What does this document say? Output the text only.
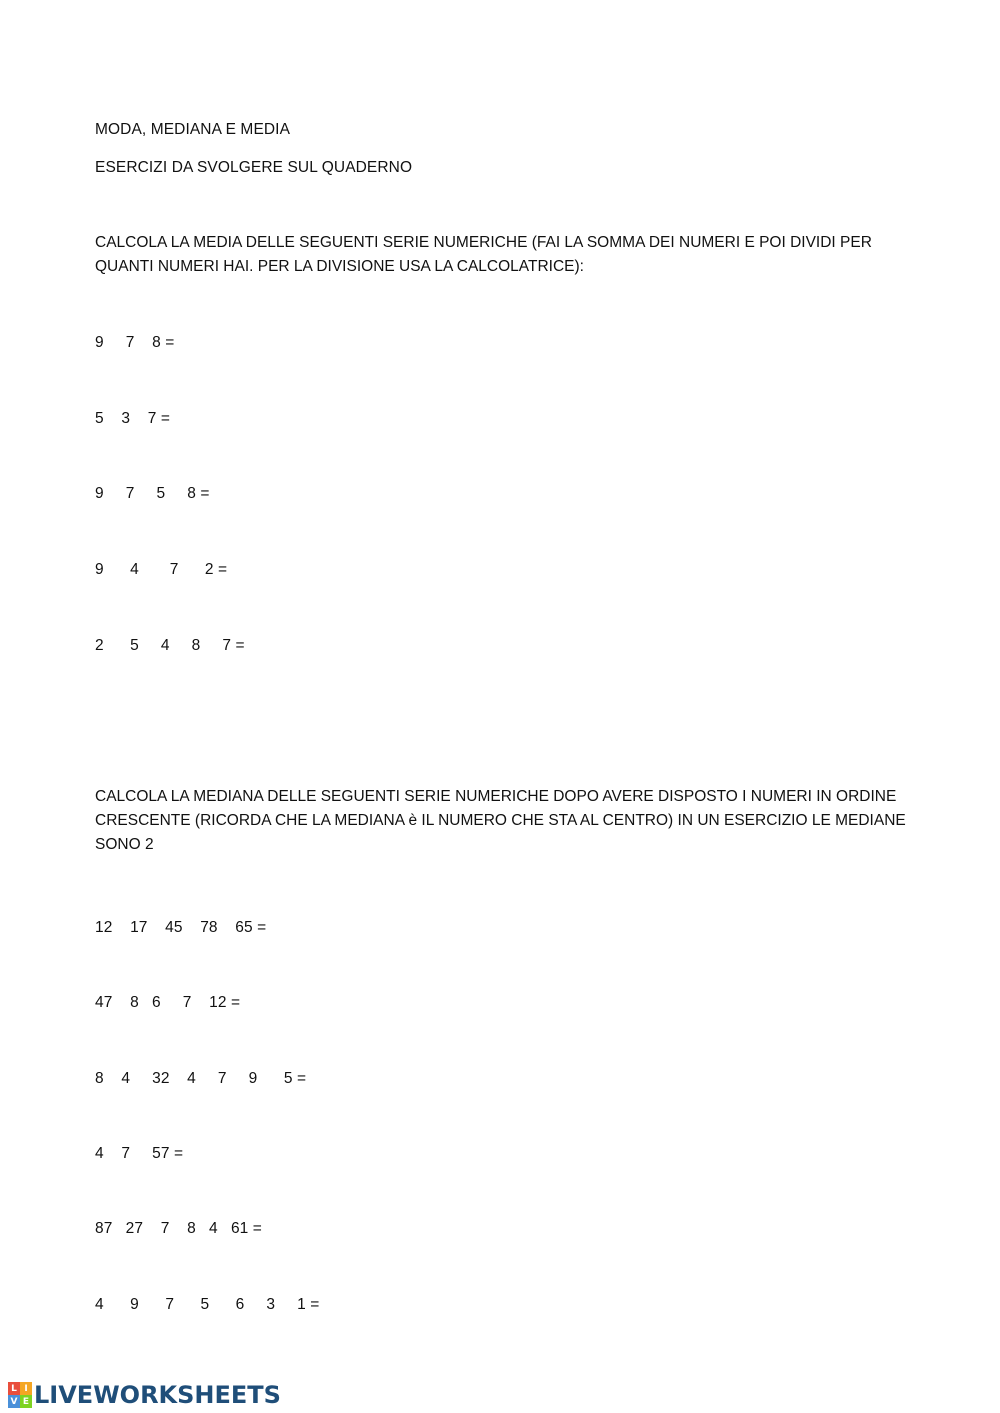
MODA, MEDIANA E MEDIA
ESERCIZI DA SVOLGERE SUL QUADERNO
CALCOLA LA MEDIA DELLE SEGUENTI SERIE NUMERICHE (FAI LA SOMMA DEI NUMERI E POI DIVIDI PER
QUANTI NUMERI HAI. PER LA DIVISIONE USA LA CALCOLATRICE):
9     7    8 =
5    3    7 =
9     7     5     8 =
9      4       7      2 =
2      5     4     8     7 =
CALCOLA LA MEDIANA DELLE SEGUENTI SERIE NUMERICHE DOPO AVERE DISPOSTO I NUMERI IN ORDINE
CRESCENTE (RICORDA CHE LA MEDIANA è IL NUMERO CHE STA AL CENTRO) IN UN ESERCIZIO LE MEDIANE
SONO 2
12    17    45    78    65 =
47    8   6     7    12 =
8    4     32    4     7     9      5 =
4    7     57 =
87   27    7    8   4   61 =
4      9      7      5      6     3     1 =
L I
V E LIVEWORKSHEETS
